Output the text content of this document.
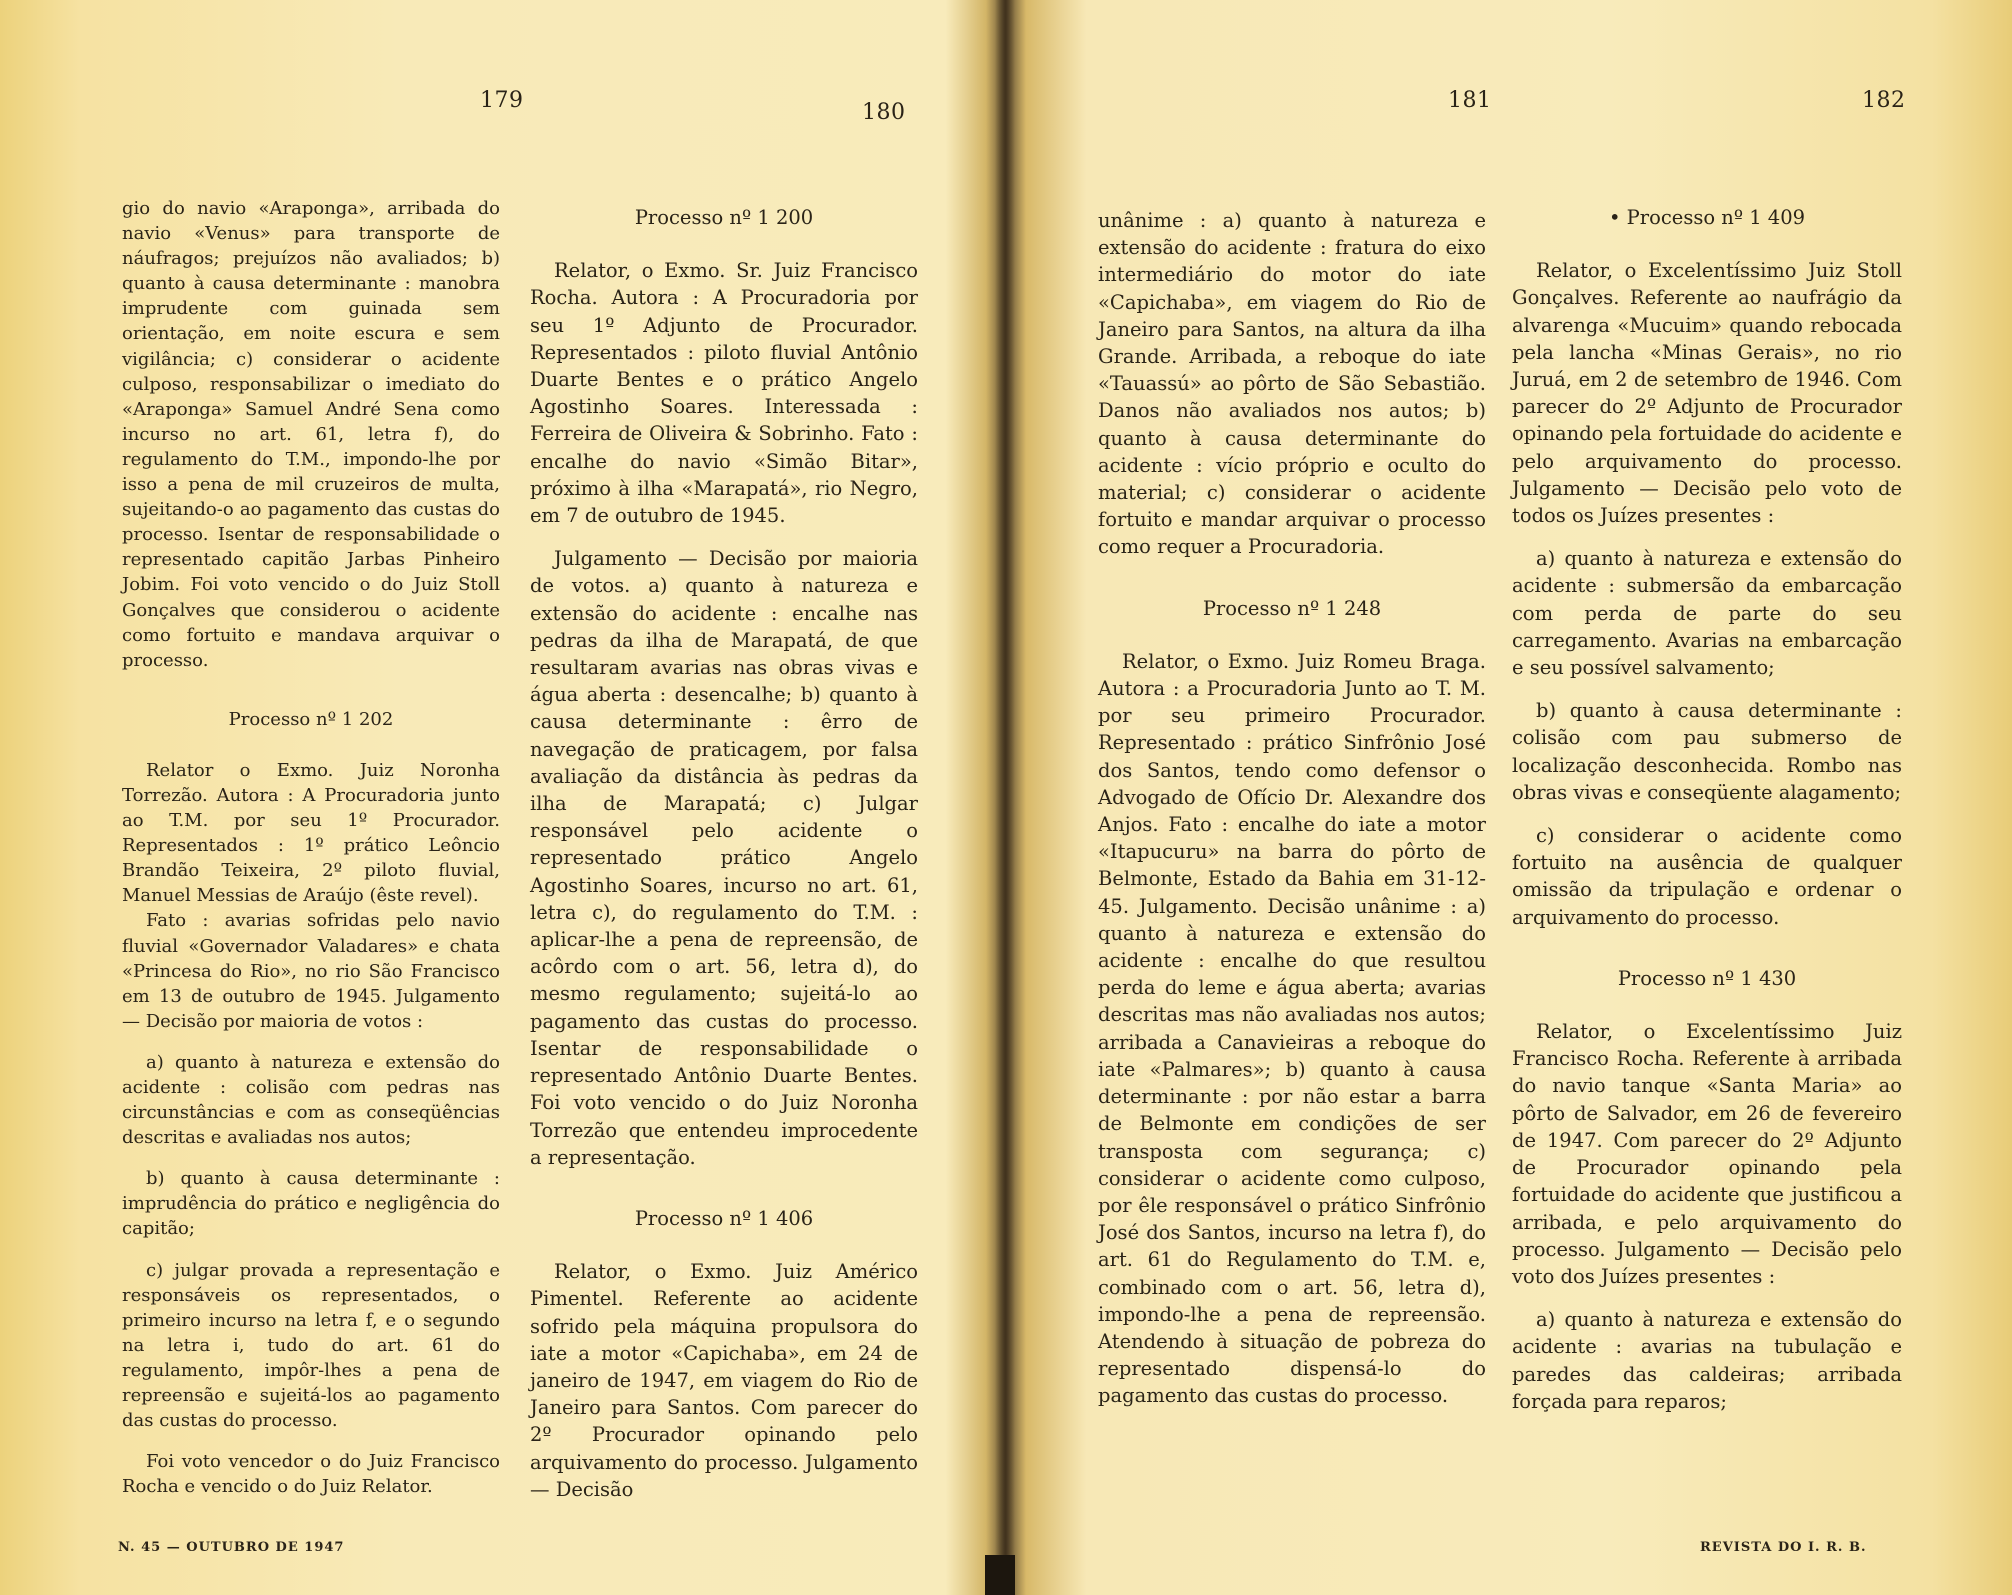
179	180	181	182

gio do navio «Araponga», arribada do navio «Venus» para transporte de náufragos; prejuízos não avaliados; b) quanto à causa determinante : manobra imprudente com guinada sem orientação, em noite escura e sem vigilância; c) considerar o acidente culposo, responsabilizar o imediato do «Araponga» Samuel André Sena como incurso no art. 61, letra f), do regulamento do T.M., impondo-lhe por isso a pena de mil cruzeiros de multa, sujeitando-o ao pagamento das custas do processo. Isentar de responsabilidade o representado capitão Jarbas Pinheiro Jobim. Foi voto vencido o do Juiz Stoll Gonçalves que considerou o acidente como fortuito e mandava arquivar o processo.

Processo nº 1 202

Relator o Exmo. Juiz Noronha Torrezão. Autora : A Procuradoria junto ao T.M. por seu 1º Procurador. Representados : 1º prático Leôncio Brandão Teixeira, 2º piloto fluvial, Manuel Messias de Araújo (êste revel).

Fato : avarias sofridas pelo navio fluvial «Governador Valadares» e chata «Princesa do Rio», no rio São Francisco em 13 de outubro de 1945. Julgamento — Decisão por maioria de votos :

a) quanto à natureza e extensão do acidente : colisão com pedras nas circunstâncias e com as conseqüências descritas e avaliadas nos autos;

b) quanto à causa determinante : imprudência do prático e negligência do capitão;

c) julgar provada a representação e responsáveis os representados, o primeiro incurso na letra f, e o segundo na letra i, tudo do art. 61 do regulamento, impôr-lhes a pena de repreensão e sujeitá-los ao pagamento das custas do processo.

Foi voto vencedor o do Juiz Francisco Rocha e vencido o do Juiz Relator.

Processo nº 1 200

Relator, o Exmo. Sr. Juiz Francisco Rocha. Autora : A Procuradoria por seu 1º Adjunto de Procurador. Representados : piloto fluvial Antônio Duarte Bentes e o prático Angelo Agostinho Soares. Interessada : Ferreira de Oliveira & Sobrinho. Fato : encalhe do navio «Simão Bitar», próximo à ilha «Marapatá», rio Negro, em 7 de outubro de 1945.

Julgamento — Decisão por maioria de votos. a) quanto à natureza e extensão do acidente : encalhe nas pedras da ilha de Marapatá, de que resultaram avarias nas obras vivas e água aberta : desencalhe; b) quanto à causa determinante : êrro de navegação de praticagem, por falsa avaliação da distância às pedras da ilha de Marapatá; c) Julgar responsável pelo acidente o representado prático Angelo Agostinho Soares, incurso no art. 61, letra c), do regulamento do T.M. : aplicar-lhe a pena de repreensão, de acôrdo com o art. 56, letra d), do mesmo regulamento; sujeitá-lo ao pagamento das custas do processo. Isentar de responsabilidade o representado Antônio Duarte Bentes. Foi voto vencido o do Juiz Noronha Torrezão que entendeu improcedente a representação.

Processo nº 1 406

Relator, o Exmo. Juiz Américo Pimentel. Referente ao acidente sofrido pela máquina propulsora do iate a motor «Capichaba», em 24 de janeiro de 1947, em viagem do Rio de Janeiro para Santos. Com parecer do 2º Procurador opinando pelo arquivamento do processo. Julgamento — Decisão

unânime : a) quanto à natureza e extensão do acidente : fratura do eixo intermediário do motor do iate «Capichaba», em viagem do Rio de Janeiro para Santos, na altura da ilha Grande. Arribada, a reboque do iate «Tauassú» ao pôrto de São Sebastião. Danos não avaliados nos autos; b) quanto à causa determinante do acidente : vício próprio e oculto do material; c) considerar o acidente fortuito e mandar arquivar o processo como requer a Procuradoria.

Processo nº 1 248

Relator, o Exmo. Juiz Romeu Braga. Autora : a Procuradoria Junto ao T. M. por seu primeiro Procurador. Representado : prático Sinfrônio José dos Santos, tendo como defensor o Advogado de Ofício Dr. Alexandre dos Anjos. Fato : encalhe do iate a motor «Itapucuru» na barra do pôrto de Belmonte, Estado da Bahia em 31-12-45. Julgamento. Decisão unânime : a) quanto à natureza e extensão do acidente : encalhe do que resultou perda do leme e água aberta; avarias descritas mas não avaliadas nos autos; arribada a Canavieiras a reboque do iate «Palmares»; b) quanto à causa determinante : por não estar a barra de Belmonte em condições de ser transposta com segurança; c) considerar o acidente como culposo, por êle responsável o prático Sinfrônio José dos Santos, incurso na letra f), do art. 61 do Regulamento do T.M. e, combinado com o art. 56, letra d), impondo-lhe a pena de repreensão. Atendendo à situação de pobreza do representado dispensá-lo do pagamento das custas do processo.

• Processo nº 1 409

Relator, o Excelentíssimo Juiz Stoll Gonçalves. Referente ao naufrágio da alvarenga «Mucuim» quando rebocada pela lancha «Minas Gerais», no rio Juruá, em 2 de setembro de 1946. Com parecer do 2º Adjunto de Procurador opinando pela fortuidade do acidente e pelo arquivamento do processo. Julgamento — Decisão pelo voto de todos os Juízes presentes :

a) quanto à natureza e extensão do acidente : submersão da embarcação com perda de parte do seu carregamento. Avarias na embarcação e seu possível salvamento;

b) quanto à causa determinante : colisão com pau submerso de localização desconhecida. Rombo nas obras vivas e conseqüente alagamento;

c) considerar o acidente como fortuito na ausência de qualquer omissão da tripulação e ordenar o arquivamento do processo.

Processo nº 1 430

Relator, o Excelentíssimo Juiz Francisco Rocha. Referente à arribada do navio tanque «Santa Maria» ao pôrto de Salvador, em 26 de fevereiro de 1947. Com parecer do 2º Adjunto de Procurador opinando pela fortuidade do acidente que justificou a arribada, e pelo arquivamento do processo. Julgamento — Decisão pelo voto dos Juízes presentes :

a) quanto à natureza e extensão do acidente : avarias na tubulação e paredes das caldeiras; arribada forçada para reparos;

N. 45 — OUTUBRO DE 1947	REVISTA DO I. R. B.
